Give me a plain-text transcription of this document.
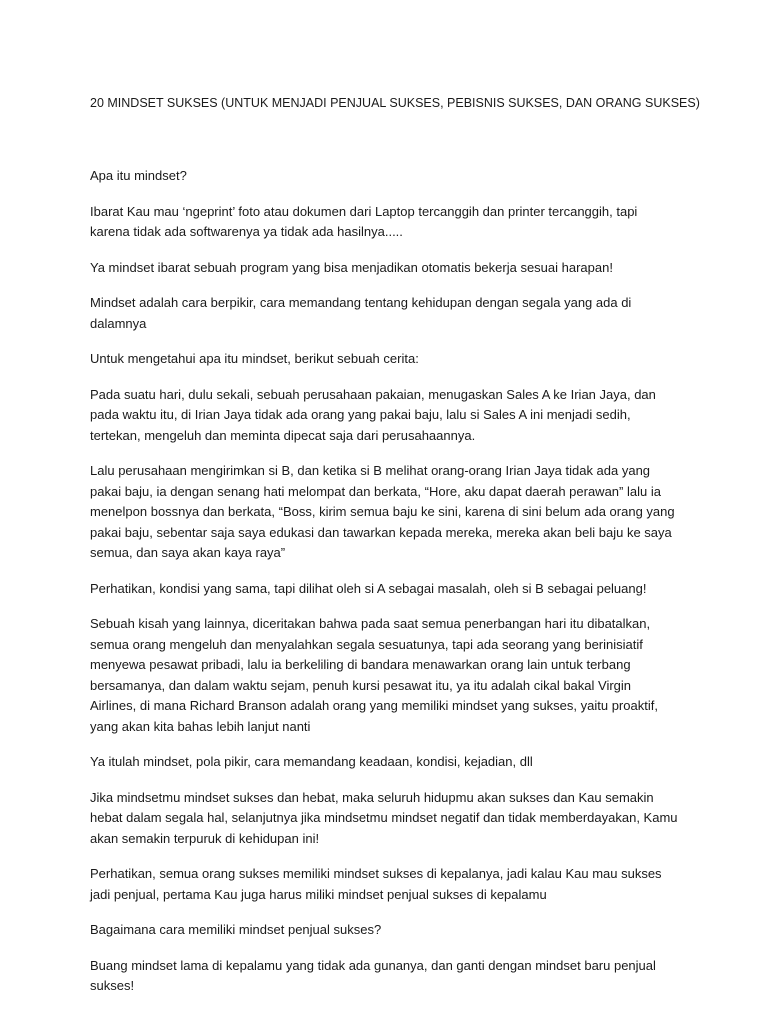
20 MINDSET SUKSES (UNTUK MENJADI PENJUAL SUKSES, PEBISNIS SUKSES, DAN ORANG SUKSES)

Apa itu mindset?

Ibarat Kau mau ‘ngeprint’ foto atau dokumen dari Laptop tercanggih dan printer tercanggih, tapi karena tidak ada softwarenya ya tidak ada hasilnya.....

Ya mindset ibarat sebuah program yang bisa menjadikan otomatis bekerja sesuai harapan!

Mindset adalah cara berpikir, cara memandang tentang kehidupan dengan segala yang ada di dalamnya

Untuk mengetahui apa itu mindset, berikut sebuah cerita:

Pada suatu hari, dulu sekali, sebuah perusahaan pakaian, menugaskan Sales A ke Irian Jaya, dan pada waktu itu, di Irian Jaya tidak ada orang yang pakai baju, lalu si Sales A ini menjadi sedih, tertekan, mengeluh dan meminta dipecat saja dari perusahaannya.

Lalu perusahaan mengirimkan si B, dan ketika si B melihat orang-orang Irian Jaya tidak ada yang pakai baju, ia dengan senang hati melompat dan berkata, “Hore, aku dapat daerah perawan” lalu ia menelpon bossnya dan berkata, “Boss, kirim semua baju ke sini, karena di sini belum ada orang yang pakai baju, sebentar saja saya edukasi dan tawarkan kepada mereka, mereka akan beli baju ke saya semua, dan saya akan kaya raya”

Perhatikan, kondisi yang sama, tapi dilihat oleh si A sebagai masalah, oleh si B sebagai peluang!

Sebuah kisah yang lainnya, diceritakan bahwa pada saat semua penerbangan hari itu dibatalkan, semua orang mengeluh dan menyalahkan segala sesuatunya, tapi ada seorang yang berinisiatif menyewa pesawat pribadi, lalu ia berkeliling di bandara menawarkan orang lain untuk terbang bersamanya, dan dalam waktu sejam, penuh kursi pesawat itu, ya itu adalah cikal bakal Virgin Airlines, di mana Richard Branson adalah orang yang memiliki mindset yang sukses, yaitu proaktif, yang akan kita bahas lebih lanjut nanti

Ya itulah mindset, pola pikir, cara memandang keadaan, kondisi, kejadian, dll

Jika mindsetmu mindset sukses dan hebat, maka seluruh hidupmu akan sukses dan Kau semakin hebat dalam segala hal, selanjutnya jika mindsetmu mindset negatif dan tidak memberdayakan, Kamu akan semakin terpuruk di kehidupan ini!

Perhatikan, semua orang sukses memiliki mindset sukses di kepalanya, jadi kalau Kau mau sukses jadi penjual, pertama Kau juga harus miliki mindset penjual sukses di kepalamu

Bagaimana cara memiliki mindset penjual sukses?

Buang mindset lama di kepalamu yang tidak ada gunanya, dan ganti dengan mindset baru penjual sukses!
